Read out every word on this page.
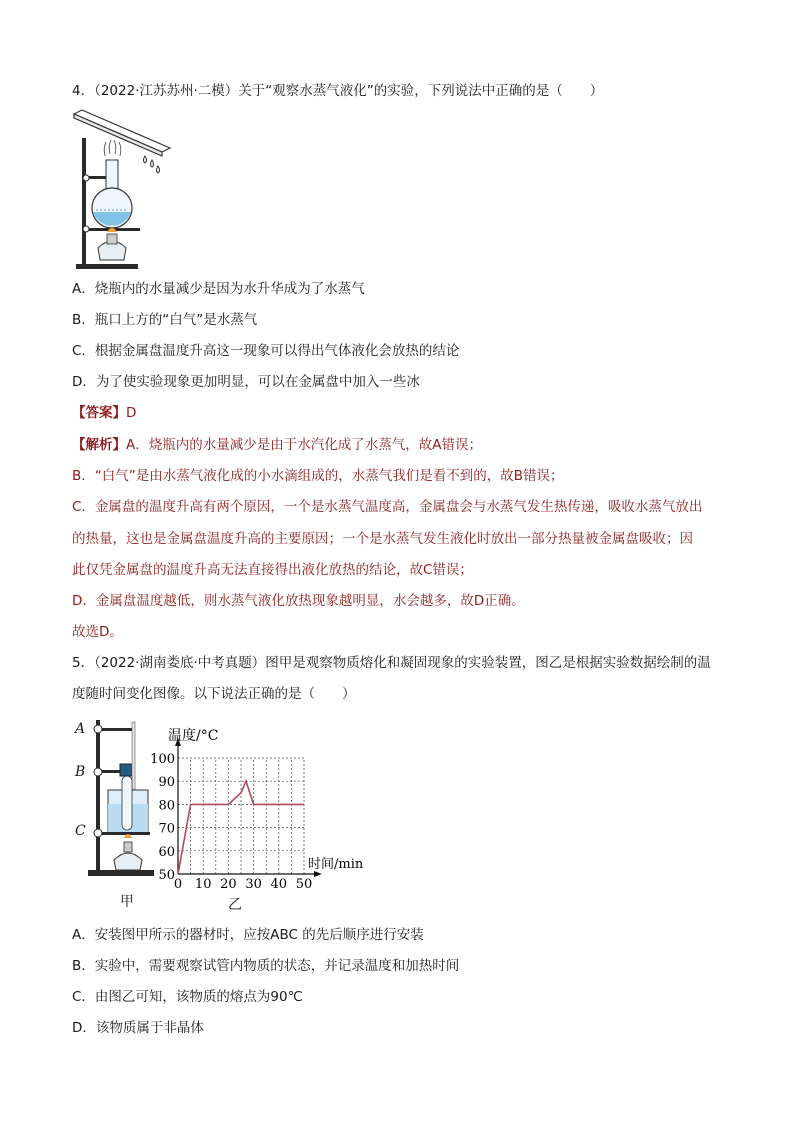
4．（2022·江苏苏州·二模）关于“观察水蒸气液化”的实验，下列说法中正确的是（　　）
A．烧瓶内的水量减少是因为水升华成为了水蒸气
B．瓶口上方的“白气”是水蒸气
C．根据金属盘温度升高这一现象可以得出气体液化会放热的结论
D．为了使实验现象更加明显，可以在金属盘中加入一些冰
【答案】D
【解析】A．烧瓶内的水量减少是由于水汽化成了水蒸气，故A错误；
B．“白气”是由水蒸气液化成的小水滴组成的，水蒸气我们是看不到的，故B错误；
C．金属盘的温度升高有两个原因，一个是水蒸气温度高，金属盘会与水蒸气发生热传递，吸收水蒸气放出
的热量，这也是金属盘温度升高的主要原因；一个是水蒸气发生液化时放出一部分热量被金属盘吸收；因
此仅凭金属盘的温度升高无法直接得出液化放热的结论，故C错误；
D．金属盘温度越低，则水蒸气液化放热现象越明显，水会越多，故D正确。
故选D。
5．（2022·湖南娄底·中考真题）图甲是观察物质熔化和凝固现象的实验装置，图乙是根据实验数据绘制的温
度随时间变化图像。以下说法正确的是（　　）
A
B
C
甲
温度/°C
时间/min
0 10 20 30 40 50
50
60
70
80
90
100
乙
A．安装图甲所示的器材时，应按ABC 的先后顺序进行安装
B．实验中，需要观察试管内物质的状态，并记录温度和加热时间
C．由图乙可知，该物质的熔点为90℃
D．该物质属于非晶体
